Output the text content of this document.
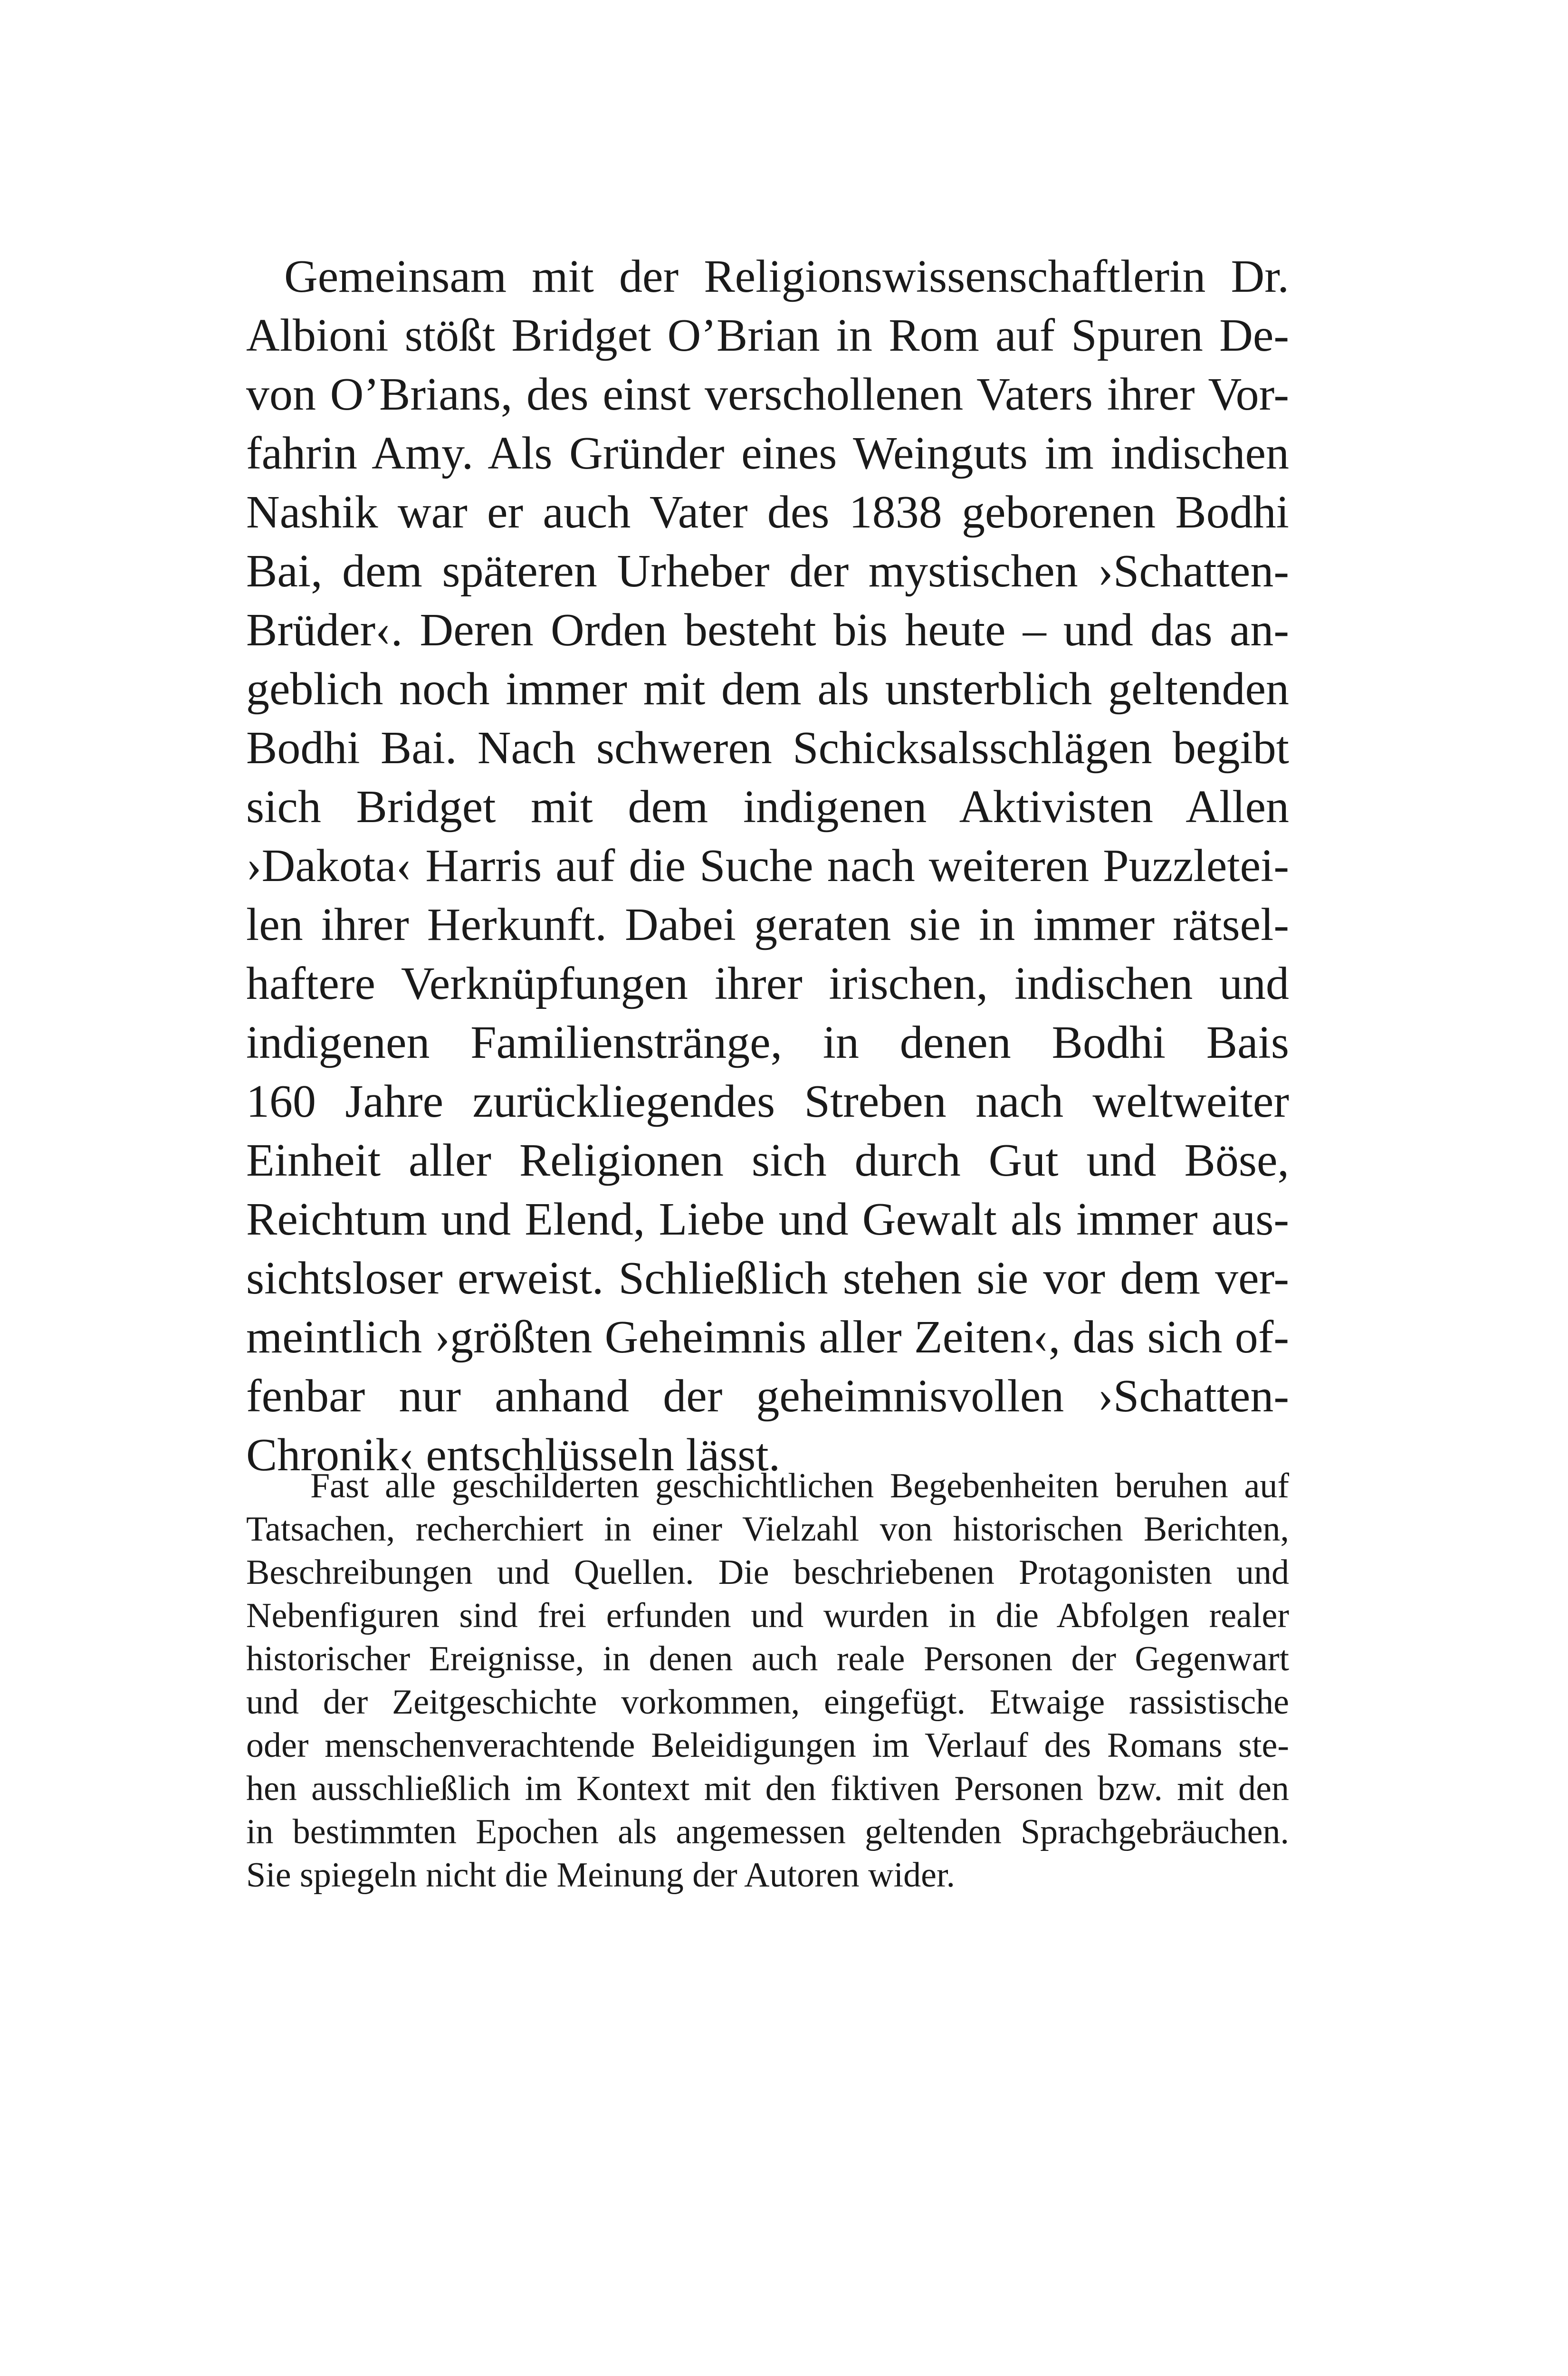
Gemeinsam mit der Religionswissenschaftlerin Dr.
Albioni stößt Bridget O’Brian in Rom auf Spuren De-
von O’Brians, des einst verschollenen Vaters ihrer Vor-
fahrin Amy. Als Gründer eines Weinguts im indischen
Nashik war er auch Vater des 1838 geborenen Bodhi
Bai, dem späteren Urheber der mystischen ›Schatten-
Brüder‹. Deren Orden besteht bis heute – und das an-
geblich noch immer mit dem als unsterblich geltenden
Bodhi Bai. Nach schweren Schicksalsschlägen begibt
sich Bridget mit dem indigenen Aktivisten Allen
›Dakota‹ Harris auf die Suche nach weiteren Puzzletei-
len ihrer Herkunft. Dabei geraten sie in immer rätsel-
haftere Verknüpfungen ihrer irischen, indischen und
indigenen Familienstränge, in denen Bodhi Bais
160 Jahre zurückliegendes Streben nach weltweiter
Einheit aller Religionen sich durch Gut und Böse,
Reichtum und Elend, Liebe und Gewalt als immer aus-
sichtsloser erweist. Schließlich stehen sie vor dem ver-
meintlich ›größten Geheimnis aller Zeiten‹, das sich of-
fenbar nur anhand der geheimnisvollen ›Schatten-
Chronik‹ entschlüsseln lässt.
Fast alle geschilderten geschichtlichen Begebenheiten beruhen auf
Tatsachen, recherchiert in einer Vielzahl von historischen Berichten,
Beschreibungen und Quellen. Die beschriebenen Protagonisten und
Nebenfiguren sind frei erfunden und wurden in die Abfolgen realer
historischer Ereignisse, in denen auch reale Personen der Gegenwart
und der Zeitgeschichte vorkommen, eingefügt. Etwaige rassistische
oder menschenverachtende Beleidigungen im Verlauf des Romans ste-
hen ausschließlich im Kontext mit den fiktiven Personen bzw. mit den
in bestimmten Epochen als angemessen geltenden Sprachgebräuchen.
Sie spiegeln nicht die Meinung der Autoren wider.
